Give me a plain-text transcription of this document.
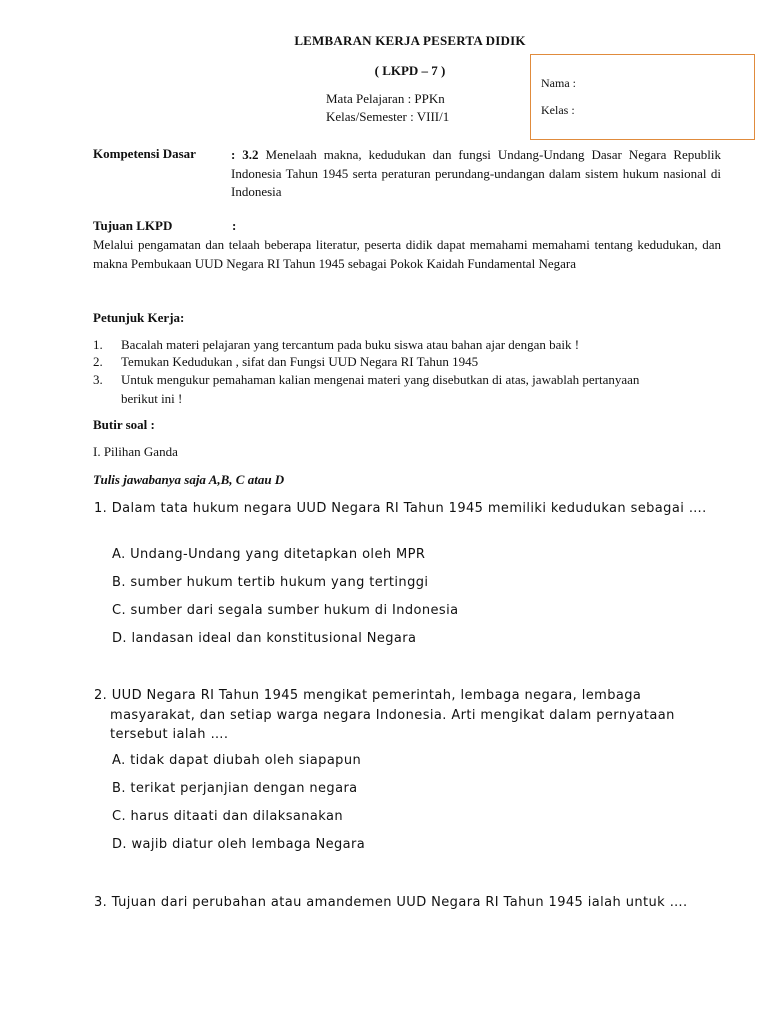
LEMBARAN KERJA PESERTA DIDIK
( LKPD – 7 )
Mata Pelajaran : PPKn
Kelas/Semester : VIII/1
Nama :
Kelas :
Kompetensi Dasar	: 3.2 Menelaah makna, kedudukan dan fungsi Undang-Undang Dasar Negara Republik Indonesia Tahun 1945 serta peraturan perundang-undangan dalam sistem hukum nasional di Indonesia
Tujuan LKPD	:
Melalui pengamatan dan telaah beberapa literatur, peserta didik dapat memahami memahami tentang kedudukan, dan makna Pembukaan UUD Negara RI Tahun 1945 sebagai Pokok Kaidah Fundamental Negara
Petunjuk Kerja:
1. Bacalah materi pelajaran yang tercantum pada buku siswa atau bahan ajar dengan baik !
2. Temukan Kedudukan , sifat dan Fungsi UUD Negara RI Tahun 1945
3. Untuk mengukur pemahaman kalian mengenai materi yang disebutkan di atas, jawablah pertanyaan berikut ini !
Butir soal :
I. Pilihan Ganda
Tulis jawabanya saja A,B, C atau D
1. Dalam tata hukum negara UUD Negara RI Tahun 1945 memiliki kedudukan sebagai ….
A. Undang-Undang yang ditetapkan oleh MPR
B. sumber hukum tertib hukum yang tertinggi
C. sumber dari segala sumber hukum di Indonesia
D. landasan ideal dan konstitusional Negara
2. UUD Negara RI Tahun 1945 mengikat pemerintah, lembaga negara, lembaga masyarakat, dan setiap warga negara Indonesia. Arti mengikat dalam pernyataan tersebut ialah ….
A. tidak dapat diubah oleh siapapun
B. terikat perjanjian dengan negara
C. harus ditaati dan dilaksanakan
D. wajib diatur oleh lembaga Negara
3. Tujuan dari perubahan atau amandemen UUD Negara RI Tahun 1945 ialah untuk ….
